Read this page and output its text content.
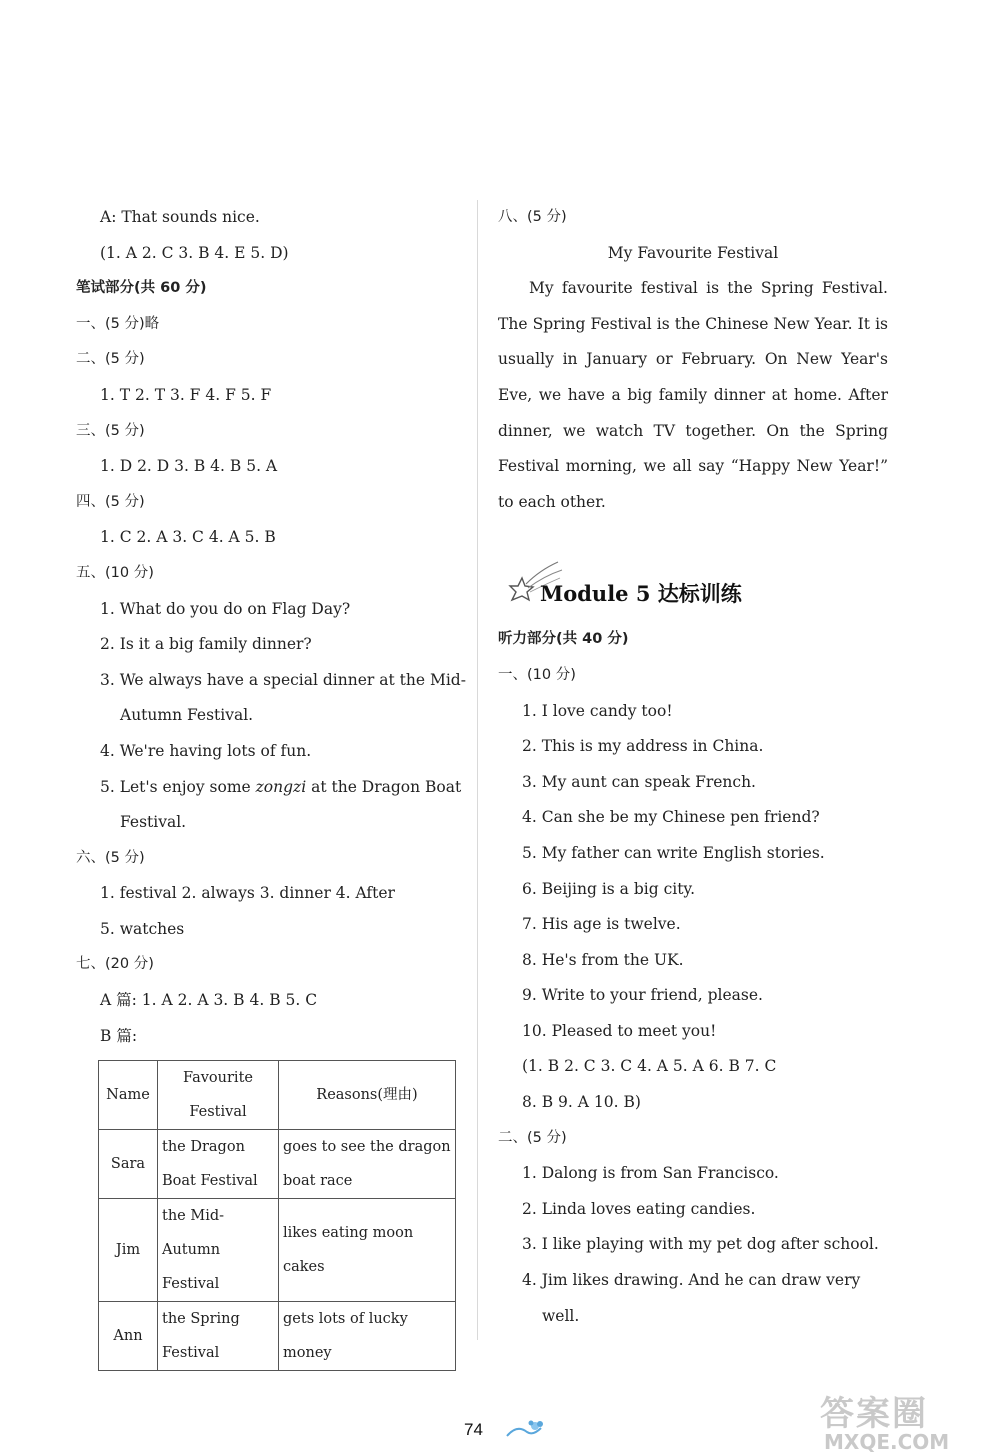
A: That sounds nice.
(1. A 2. C 3. B 4. E 5. D)
笔试部分(共 60 分)
一、(5 分)略
二、(5 分)
1. T 2. T 3. F 4. F 5. F
三、(5 分)
1. D 2. D 3. B 4. B 5. A
四、(5 分)
1. C 2. A 3. C 4. A 5. B
五、(10 分)
1. What do you do on Flag Day?
2. Is it a big family dinner?
3. We always have a special dinner at the Mid-
Autumn Festival.
4. We're having lots of fun.
5. Let's enjoy some zongzi at the Dragon Boat
Festival.
六、(5 分)
1. festival 2. always 3. dinner 4. After
5. watches
七、(20 分)
A 篇: 1. A 2. A 3. B 4. B 5. C
B 篇:
Name	Favourite Festival	Reasons(理由)
Sara	the Dragon Boat Festival	goes to see the dragon boat race
Jim	the Mid-Autumn Festival	likes eating moon cakes
Ann	the Spring Festival	gets lots of lucky money
八、(5 分)
My Favourite Festival

My favourite festival is the Spring Festival. The Spring Festival is the Chinese New Year. It is usually in January or February. On New Year's Eve, we have a big family dinner at home. After dinner, we watch TV together. On the Spring Festival morning, we all say “Happy New Year!” to each other.

Module 5 达标训练
听力部分(共 40 分)
一、(10 分)
1. I love candy too!
2. This is my address in China.
3. My aunt can speak French.
4. Can she be my Chinese pen friend?
5. My father can write English stories.
6. Beijing is a big city.
7. His age is twelve.
8. He's from the UK.
9. Write to your friend, please.
10. Pleased to meet you!
(1. B 2. C 3. C 4. A 5. A 6. B 7. C
8. B 9. A 10. B)
二、(5 分)
1. Dalong is from San Francisco.
2. Linda loves eating candies.
3. I like playing with my pet dog after school.
4. Jim likes drawing. And he can draw very
well.
74	答案圈
MXQE.COM
